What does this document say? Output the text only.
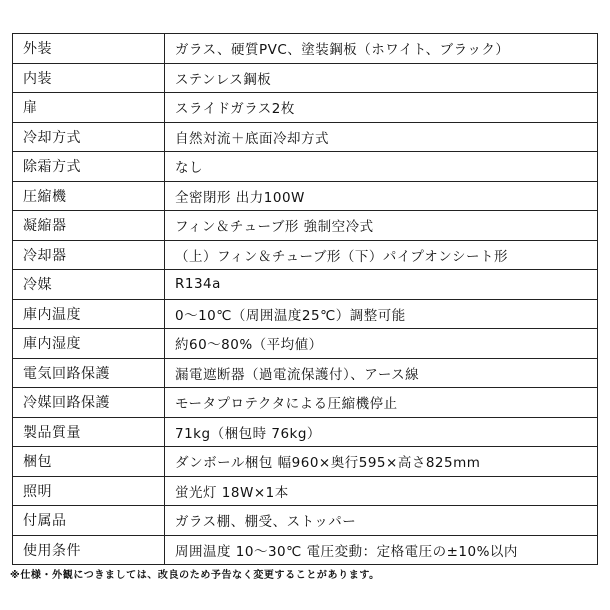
外装	ガラス、硬質PVC、塗装鋼板（ホワイト、ブラック）
内装	ステンレス鋼板
扉	スライドガラス2枚
冷却方式	自然対流＋底面冷却方式
除霜方式	なし
圧縮機	全密閉形 出力100W
凝縮器	フィン＆チューブ形 強制空冷式
冷却器	（上）フィン＆チューブ形（下）パイプオンシート形
冷媒	R134a
庫内温度	0〜10℃（周囲温度25℃）調整可能
庫内湿度	約60〜80%（平均値）
電気回路保護	漏電遮断器（過電流保護付）、アース線
冷媒回路保護	モータプロテクタによる圧縮機停止
製品質量	71kg（梱包時 76kg）
梱包	ダンボール梱包 幅960×奥行595×高さ825mm
照明	蛍光灯 18W×1本
付属品	ガラス棚、棚受、ストッパー
使用条件	周囲温度 10〜30℃ 電圧変動：定格電圧の±10%以内
※仕様・外観につきましては、改良のため予告なく変更することがあります。
